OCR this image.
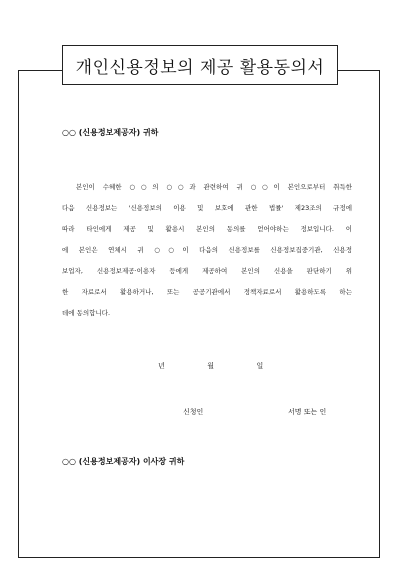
개인신용정보의 제공 활용동의서
○○ (신용정보제공자) 귀하
본인이 수혜한 ○○의 ○○과 관련하여 귀 ○○이 본인으로부터 취득한
다음 신용정보는 '신용정보의 이용 및 보호에 관한 법률' 제23조의 규정에
따라 타인에게 제공 및 활용시 본인의 동의를 얻어야하는 정보입니다. 이
에 본인은 연체시 귀 ○○이 다음의 신용정보를 신용정보집중기관, 신용정
보업자, 신용정보제공·이용자 등에게 제공하여 본인의 신용을 판단하기 위
한 자료로서 활용하거나, 또는 공공기관에서 정책자료로서 활용하도록 하는
데에 동의합니다.
년	월	일
신청인	서명 또는 인
○○ (신용정보제공자) 이사장 귀하
